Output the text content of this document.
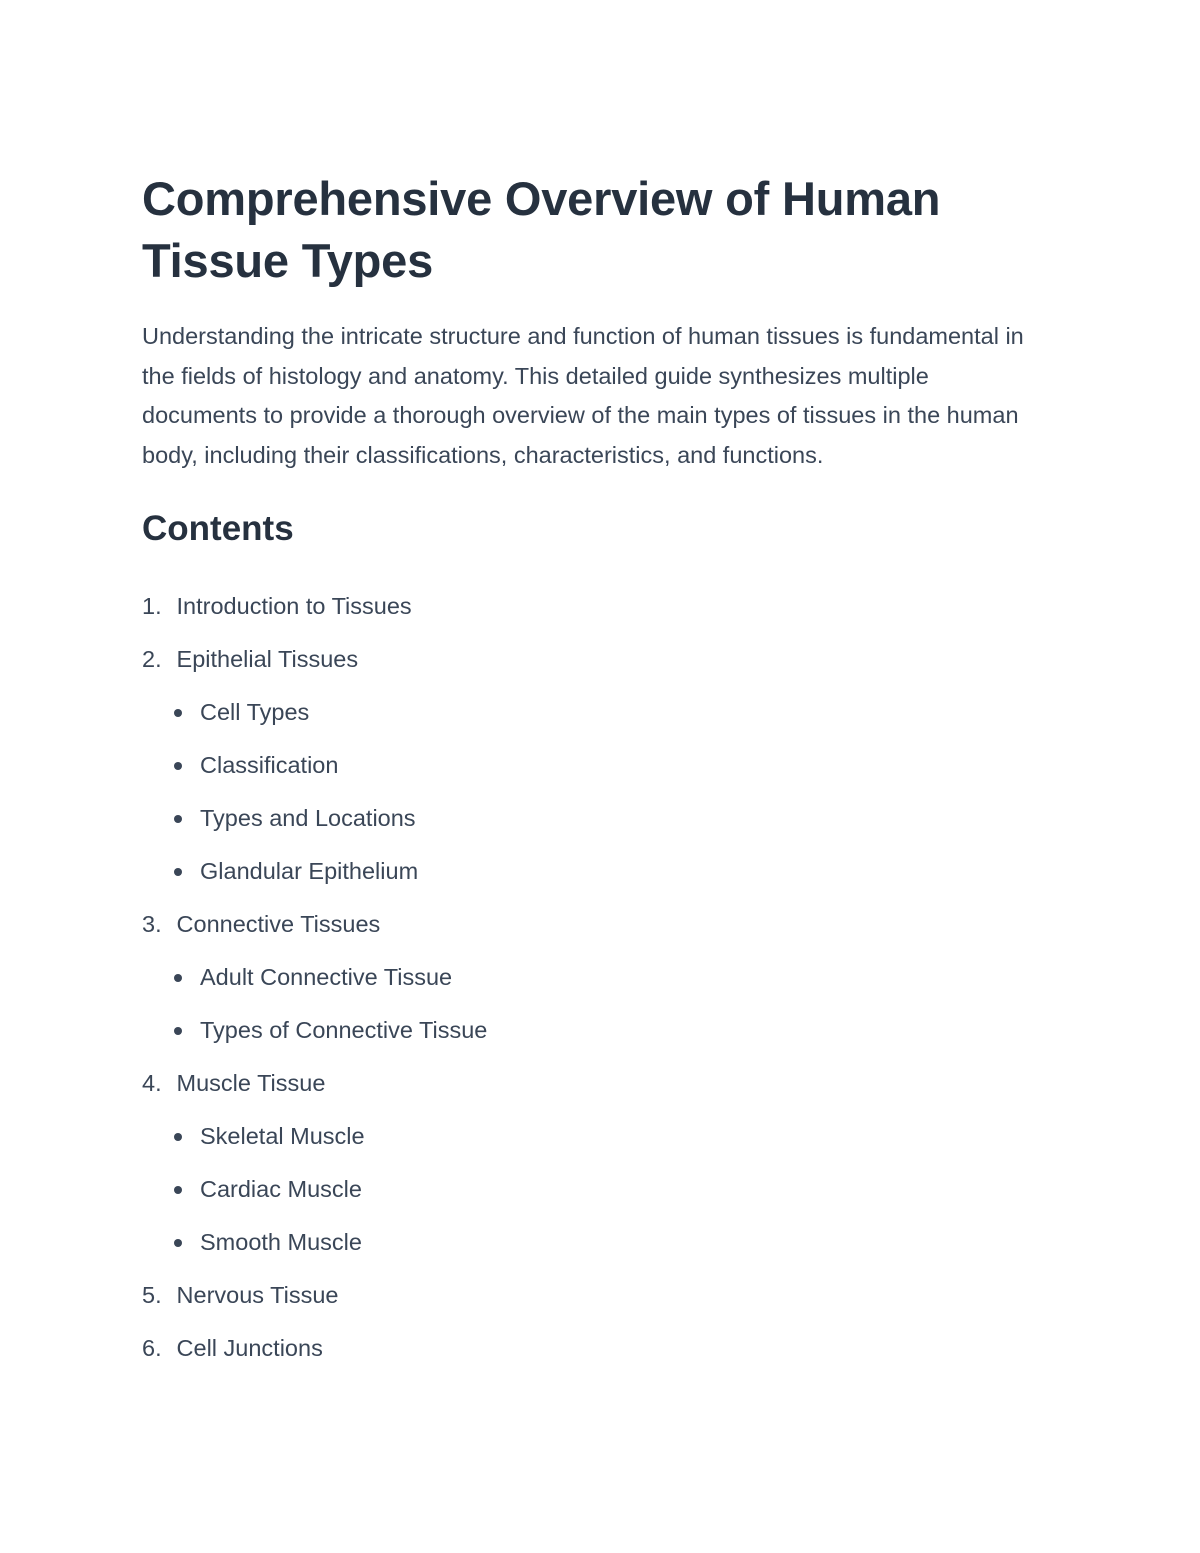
Comprehensive Overview of Human Tissue Types

Understanding the intricate structure and function of human tissues is fundamental in the fields of histology and anatomy. This detailed guide synthesizes multiple documents to provide a thorough overview of the main types of tissues in the human body, including their classifications, characteristics, and functions.

Contents
1. Introduction to Tissues
2. Epithelial Tissues
Cell Types
Classification
Types and Locations
Glandular Epithelium
3. Connective Tissues
Adult Connective Tissue
Types of Connective Tissue
4. Muscle Tissue
Skeletal Muscle
Cardiac Muscle
Smooth Muscle
5. Nervous Tissue
6. Cell Junctions
